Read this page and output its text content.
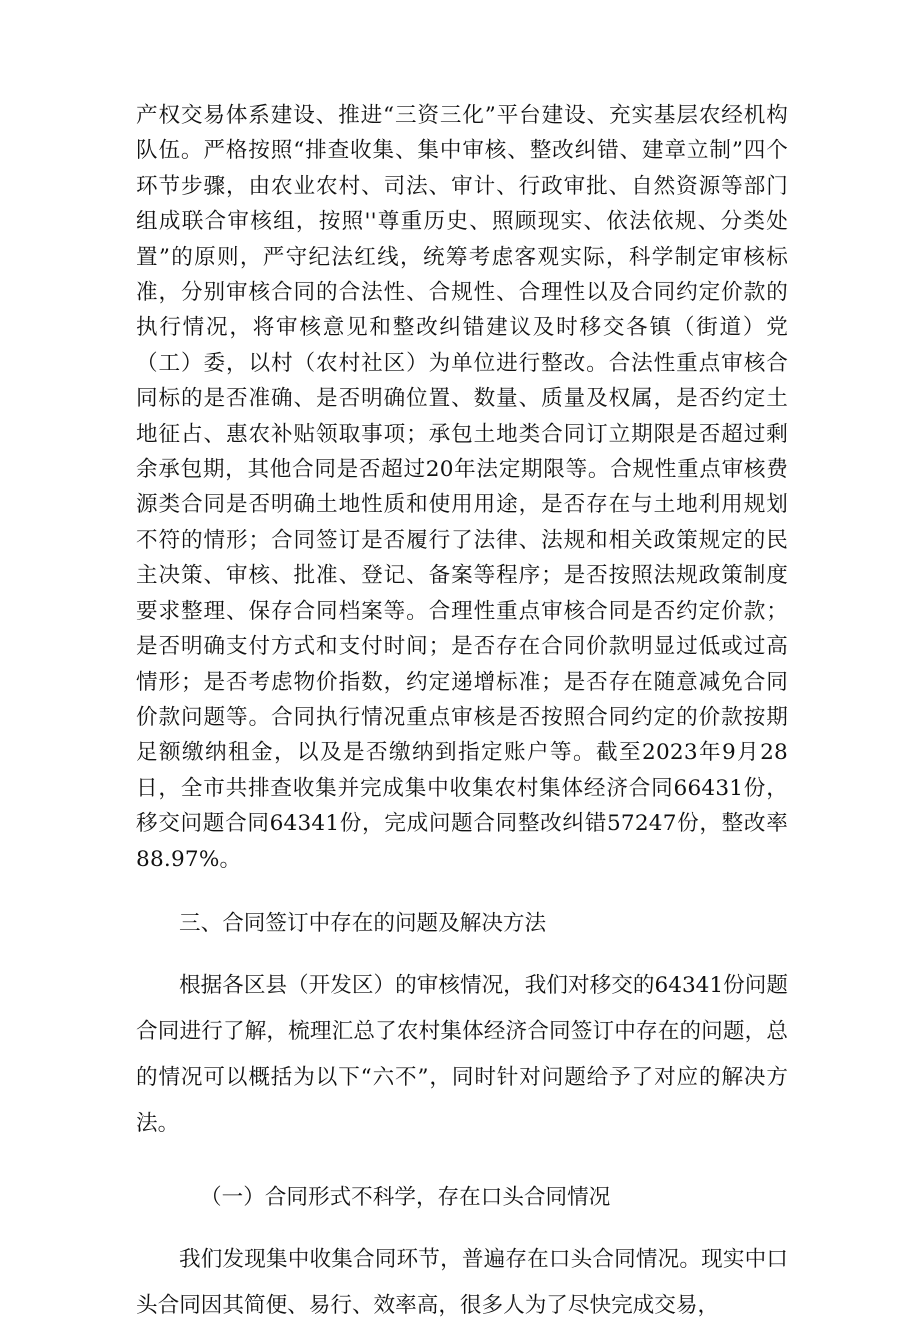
产权交易体系建设、推进“三资三化”平台建设、充实基层农经机构队伍。严格按照“排查收集、集中审核、整改纠错、建章立制”四个环节步骤，由农业农村、司法、审计、行政审批、自然资源等部门组成联合审核组，按照''尊重历史、照顾现实、依法依规、分类处置”的原则，严守纪法红线，统筹考虑客观实际，科学制定审核标准，分别审核合同的合法性、合规性、合理性以及合同约定价款的执行情况，将审核意见和整改纠错建议及时移交各镇（街道）党（工）委，以村（农村社区）为单位进行整改。合法性重点审核合同标的是否准确、是否明确位置、数量、质量及权属，是否约定土地征占、惠农补贴领取事项；承包土地类合同订立期限是否超过剩余承包期，其他合同是否超过20年法定期限等。合规性重点审核费源类合同是否明确土地性质和使用用途，是否存在与土地利用规划不符的情形；合同签订是否履行了法律、法规和相关政策规定的民主决策、审核、批准、登记、备案等程序；是否按照法规政策制度要求整理、保存合同档案等。合理性重点审核合同是否约定价款；是否明确支付方式和支付时间；是否存在合同价款明显过低或过高情形；是否考虑物价指数，约定递增标准；是否存在随意减免合同价款问题等。合同执行情况重点审核是否按照合同约定的价款按期足额缴纳租金，以及是否缴纳到指定账户等。截至2023年9月28日，全市共排查收集并完成集中收集农村集体经济合同66431份，移交问题合同64341份，完成问题合同整改纠错57247份，整改率88.97%。

三、合同签订中存在的问题及解决方法

根据各区县（开发区）的审核情况，我们对移交的64341份问题合同进行了解，梳理汇总了农村集体经济合同签订中存在的问题，总的情况可以概括为以下“六不”，同时针对问题给予了对应的解决方法。

（一）合同形式不科学，存在口头合同情况

我们发现集中收集合同环节，普遍存在口头合同情况。现实中口头合同因其简便、易行、效率高，很多人为了尽快完成交易，
